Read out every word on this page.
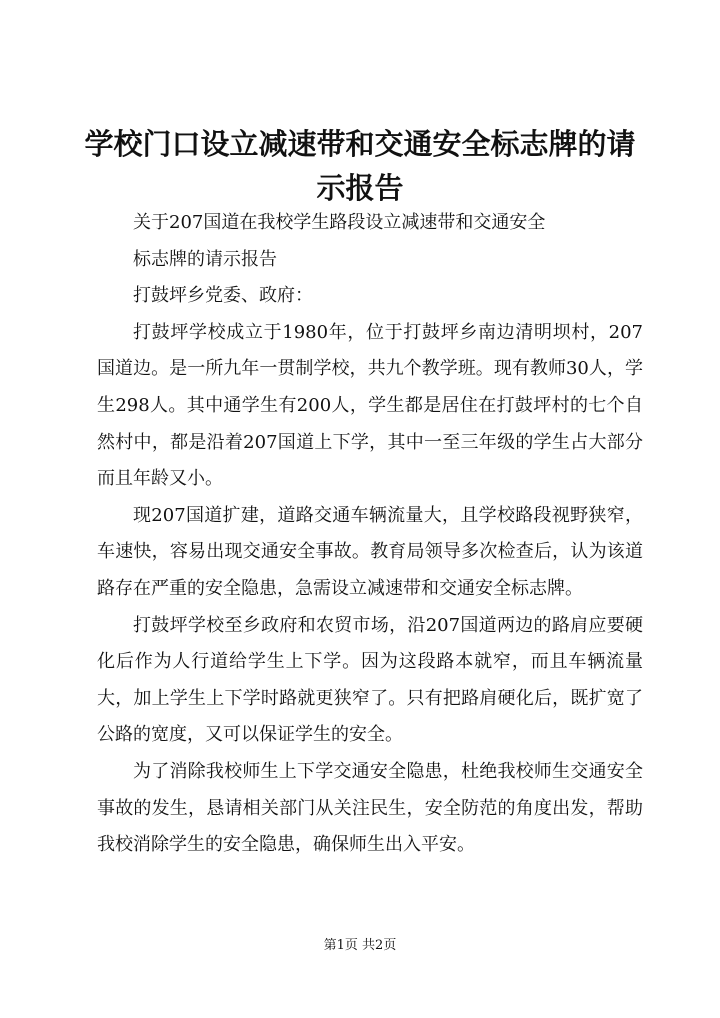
学校门口设立减速带和交通安全标志牌的请示报告

关于207国道在我校学生路段设立减速带和交通安全

标志牌的请示报告

打鼓坪乡党委、政府：

打鼓坪学校成立于1980年，位于打鼓坪乡南边清明坝村，207国道边。是一所九年一贯制学校，共九个教学班。现有教师30人，学生298人。其中通学生有200人，学生都是居住在打鼓坪村的七个自然村中，都是沿着207国道上下学，其中一至三年级的学生占大部分而且年龄又小。

现207国道扩建，道路交通车辆流量大，且学校路段视野狭窄，车速快，容易出现交通安全事故。教育局领导多次检查后，认为该道路存在严重的安全隐患，急需设立减速带和交通安全标志牌。

打鼓坪学校至乡政府和农贸市场，沿207国道两边的路肩应要硬化后作为人行道给学生上下学。因为这段路本就窄，而且车辆流量大，加上学生上下学时路就更狭窄了。只有把路肩硬化后，既扩宽了公路的宽度，又可以保证学生的安全。

为了消除我校师生上下学交通安全隐患，杜绝我校师生交通安全事故的发生，恳请相关部门从关注民生，安全防范的角度出发，帮助我校消除学生的安全隐患，确保师生出入平安。

第1页 共2页
